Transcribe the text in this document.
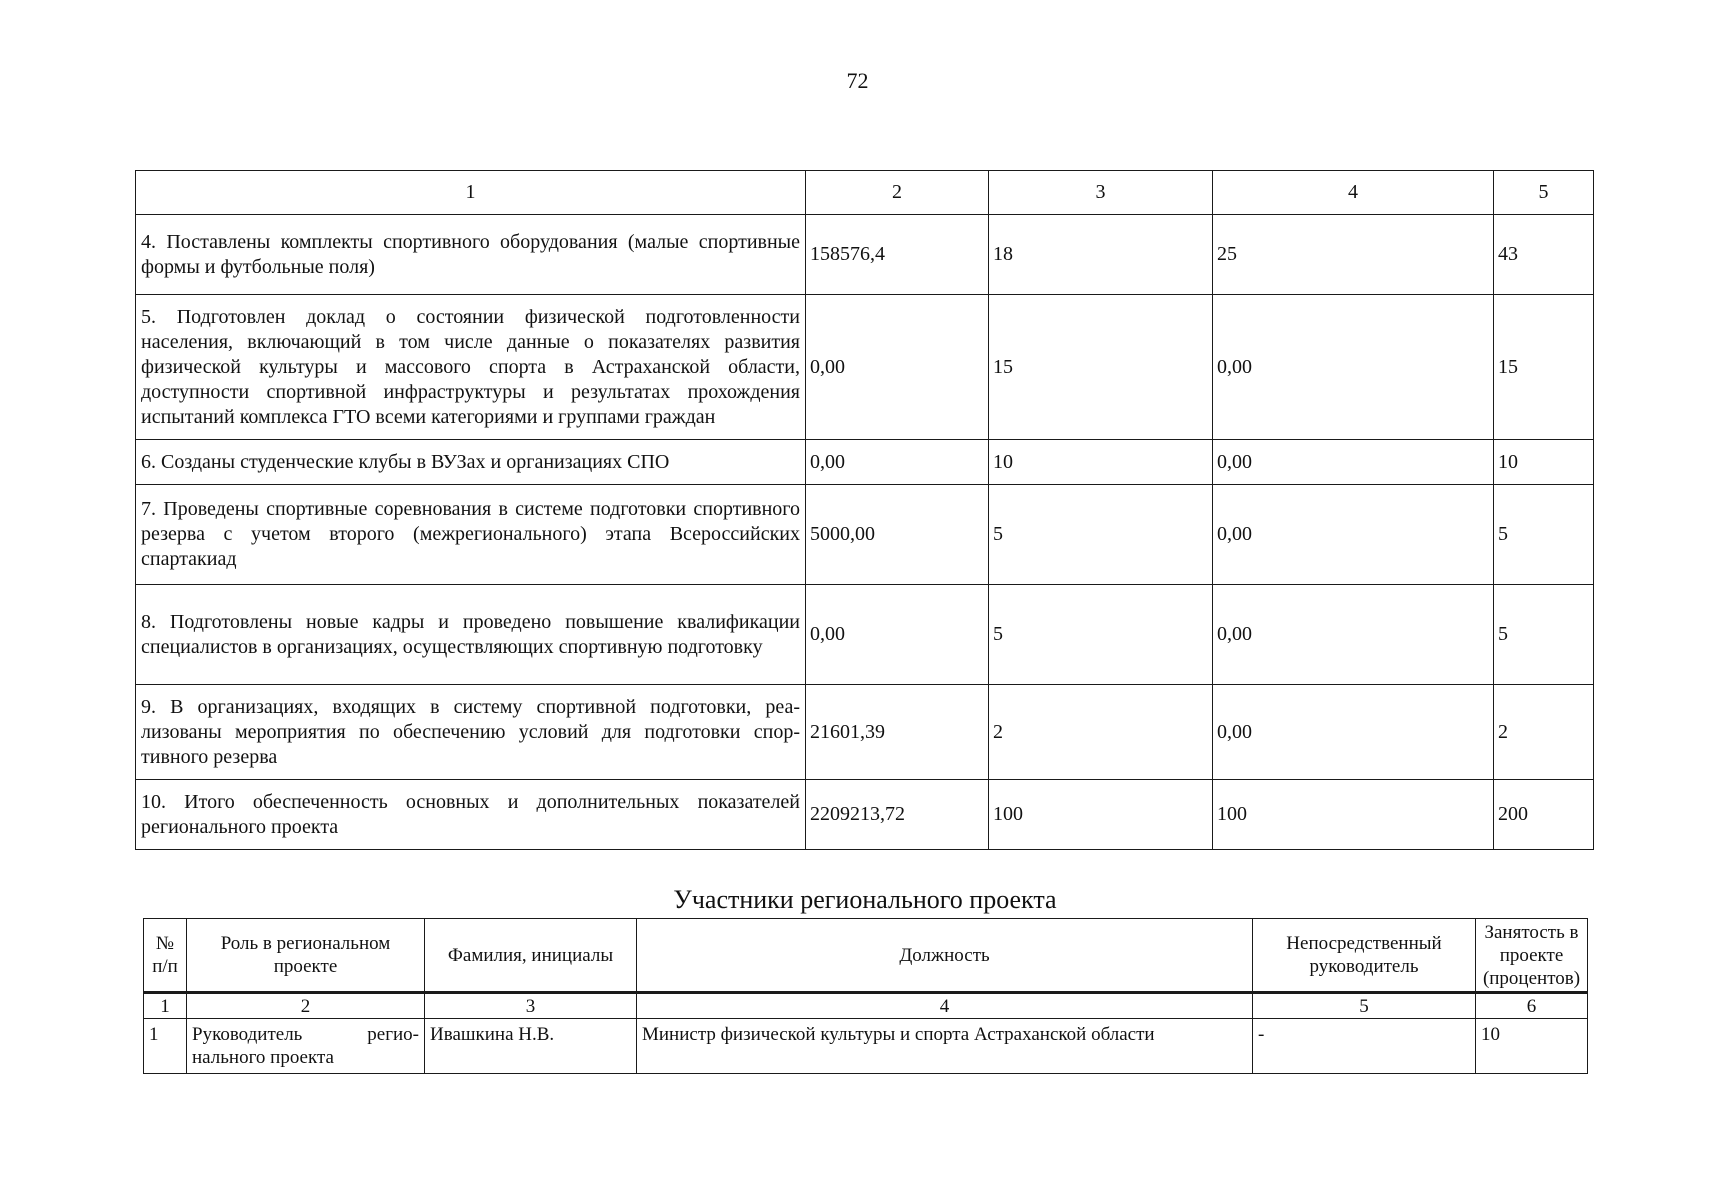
72
1	2	3	4	5
4. Поставлены комплекты спортивного оборудования (малые спортивные формы и футбольные поля)	158576,4	18	25	43
5. Подготовлен доклад о состоянии физической подготовленности населения, включающий в том числе данные о показателях развития физической культуры и массового спорта в Астраханской области, доступности спортивной инфраструктуры и результатах прохождения испытаний комплекса ГТО всеми категориями и группами граждан	0,00	15	0,00	15
6. Созданы студенческие клубы в ВУЗах и организациях СПО	0,00	10	0,00	10
7. Проведены спортивные соревнования в системе подготовки спортивного резерва с учетом второго (межрегионального) этапа Всероссийских спартакиад	5000,00	5	0,00	5
8. Подготовлены новые кадры и проведено повышение квалификации специалистов в организациях, осуществляющих спортивную подготовку	0,00	5	0,00	5
9. В организациях, входящих в систему спортивной подготовки, реализованы мероприятия по обеспечению условий для подготовки спортивного резерва	21601,39	2	0,00	2
10. Итого обеспеченность основных и дополнительных показателей регионального проекта	2209213,72	100	100	200
Участники регионального проекта
№ п/п	Роль в региональном проекте	Фамилия, инициалы	Должность	Непосредственный руководитель	Занятость в проекте (процентов)
1	2	3	4	5	6
1	Руководитель регионального проекта	Ивашкина Н.В.	Министр физической культуры и спорта Астраханской области	-	10
